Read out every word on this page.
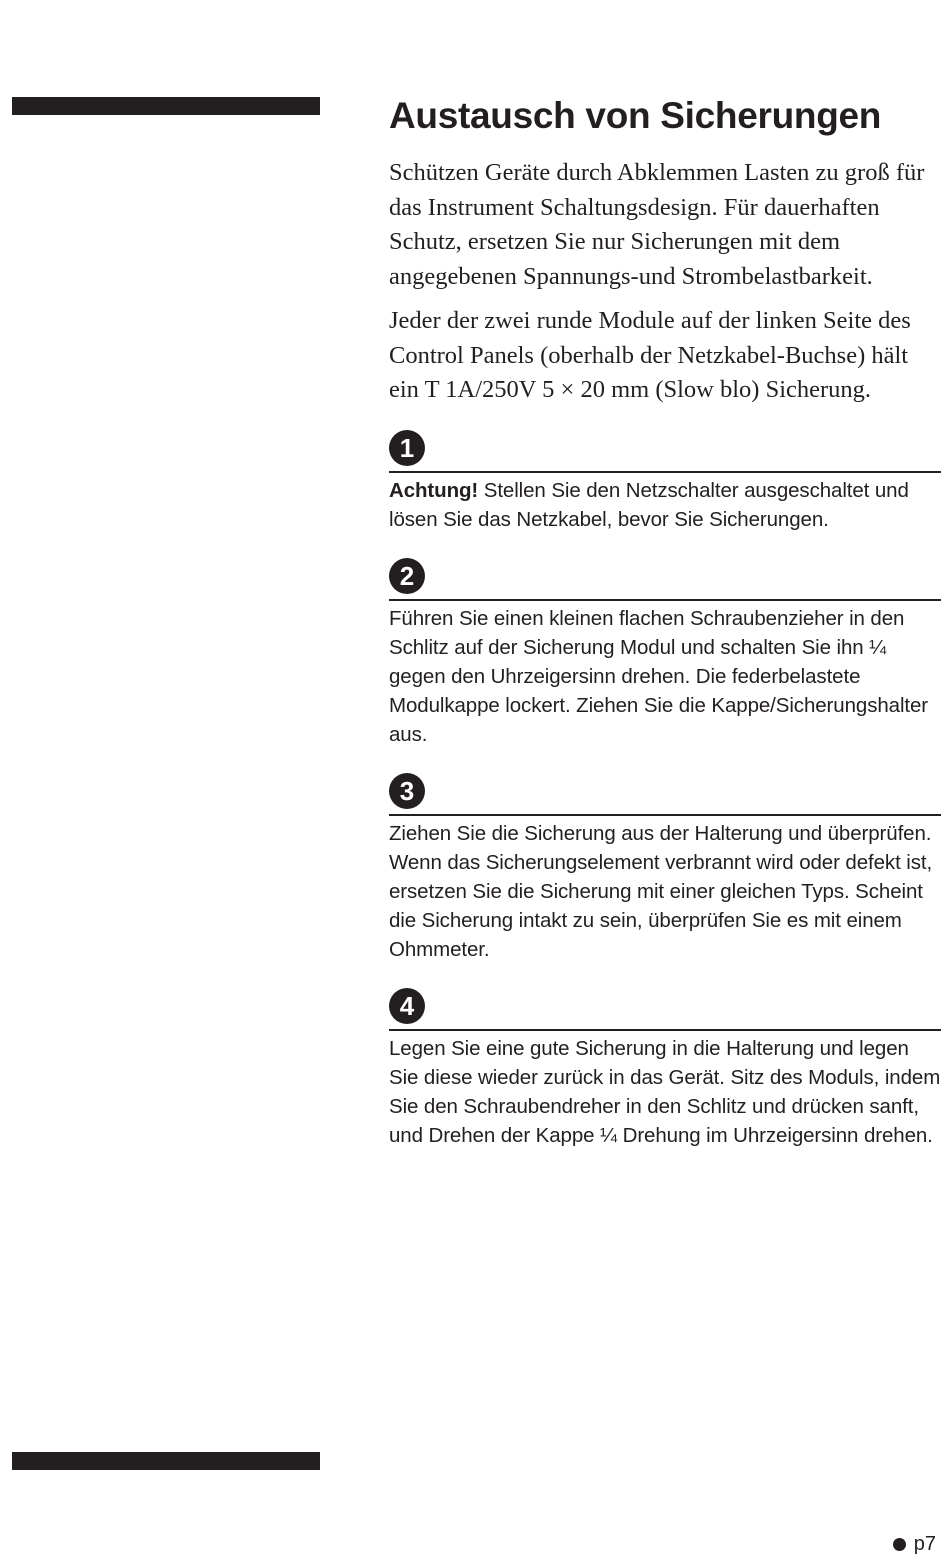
Austausch von Sicherungen

Schützen Geräte durch Abklemmen Lasten zu groß für das Instrument Schaltungsdesign. Für dauerhaften Schutz, ersetzen Sie nur Sicherungen mit dem angegebenen Spannungs-und Strombelastbarkeit.

Jeder der zwei runde Module auf der linken Seite des Control Panels (oberhalb der Netzkabel-Buchse) hält ein T 1A/250V 5 × 20 mm (Slow blo) Sicherung.

1

Achtung! Stellen Sie den Netzschalter ausgeschaltet und lösen Sie das Netzkabel, bevor Sie Sicherungen.

2

Führen Sie einen kleinen flachen Schraubenzieher in den Schlitz auf der Sicherung Modul und schalten Sie ihn ¼ gegen den Uhrzeigersinn drehen. Die federbelastete Modulkappe lockert. Ziehen Sie die Kappe/Sicherungshalter aus.

3

Ziehen Sie die Sicherung aus der Halterung und überprüfen. Wenn das Sicherungselement verbrannt wird oder defekt ist, ersetzen Sie die Sicherung mit einer gleichen Typs. Scheint die Sicherung intakt zu sein, überprüfen Sie es mit einem Ohmmeter.

4

Legen Sie eine gute Sicherung in die Halterung und legen Sie diese wieder zurück in das Gerät. Sitz des Moduls, indem Sie den Schraubendreher in den Schlitz und drücken sanft, und Drehen der Kappe ¼ Drehung im Uhrzeigersinn drehen.

p7
